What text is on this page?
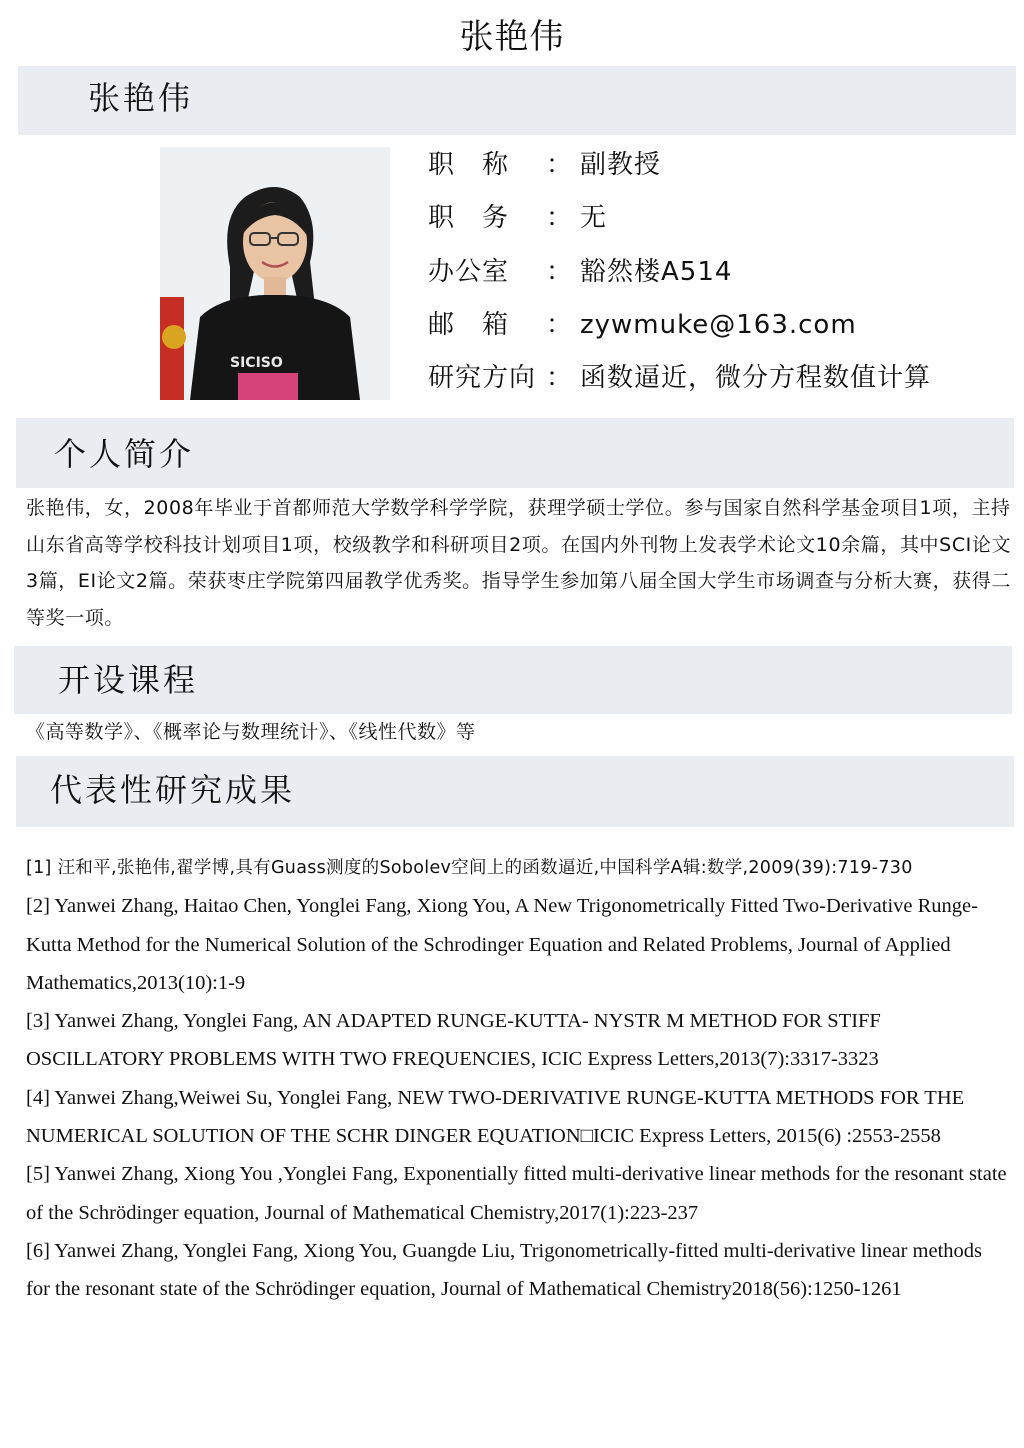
张艳伟
张艳伟
SICISO
职　称 ： 副教授
职　务 ： 无
办公室 ： 豁然楼A514
邮　箱 ： zywmuke@163.com
研究方向 ： 函数逼近，微分方程数值计算
个人简介
张艳伟，女，2008年毕业于首都师范大学数学科学学院，获理学硕士学位。参与国家自然科学基金项目1项，主持山东省高等学校科技计划项目1项，校级教学和科研项目2项。在国内外刊物上发表学术论文10余篇，其中SCI论文 3篇，EI论文2篇。荣获枣庄学院第四届教学优秀奖。指导学生参加第八届全国大学生市场调查与分析大赛，获得二等奖一项。
开设课程
《高等数学》、《概率论与数理统计》、《线性代数》等
代表性研究成果

[1] 汪和平,张艳伟,翟学博,具有Guass测度的Sobolev空间上的函数逼近,中国科学A辑:数学,2009(39):719-730

[2] Yanwei Zhang, Haitao Chen, Yonglei Fang, Xiong You, A New Trigonometrically Fitted Two-Derivative Runge-Kutta Method for the Numerical Solution of the Schrodinger Equation and Related Problems, Journal of Applied Mathematics,2013(10):1-9

[3] Yanwei Zhang, Yonglei Fang, AN ADAPTED RUNGE-KUTTA- NYSTR M METHOD FOR STIFF OSCILLATORY PROBLEMS WITH TWO FREQUENCIES, ICIC Express Letters,2013(7):3317-3323

[4] Yanwei Zhang,Weiwei Su, Yonglei Fang, NEW TWO-DERIVATIVE RUNGE-KUTTA METHODS FOR THE NUMERICAL SOLUTION OF THE SCHR DINGER EQUATION□ICIC Express Letters, 2015(6) :2553-2558

[5] Yanwei Zhang, Xiong You ,Yonglei Fang, Exponentially fitted multi-derivative linear methods for the resonant state of the Schrödinger equation, Journal of Mathematical Chemistry,2017(1):223-237

[6] Yanwei Zhang, Yonglei Fang, Xiong You, Guangde Liu, Trigonometrically-fitted multi-derivative linear methods for the resonant state of the Schrödinger equation, Journal of Mathematical Chemistry2018(56):1250-1261
